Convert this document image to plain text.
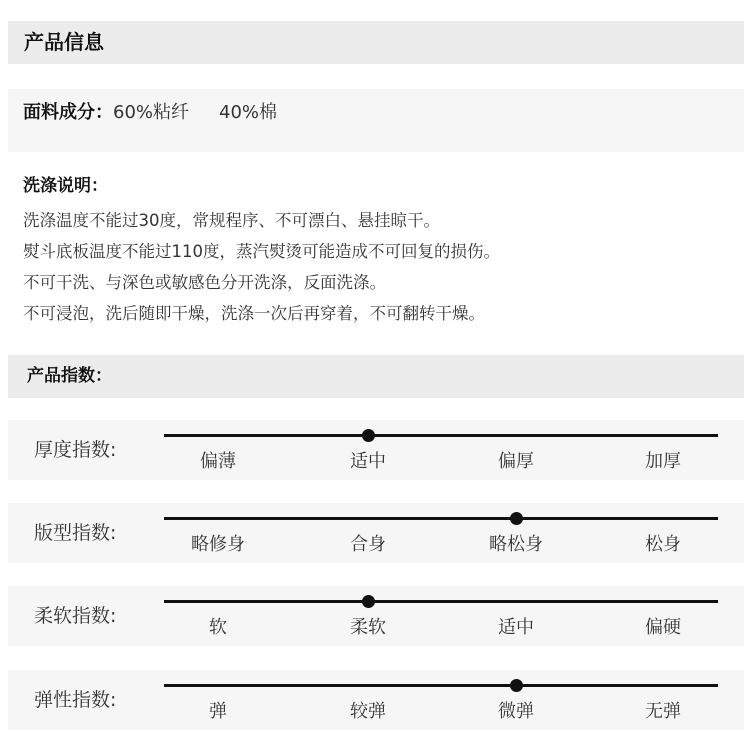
产品信息
面料成分：60%粘纤 40%棉
洗涤说明：
洗涤温度不能过30度，常规程序、不可漂白、悬挂晾干。
熨斗底板温度不能过110度，蒸汽熨烫可能造成不可回复的损伤。
不可干洗、与深色或敏感色分开洗涤，反面洗涤。
不可浸泡，洗后随即干燥，洗涤一次后再穿着，不可翻转干燥。
产品指数：
厚度指数:
偏薄	适中	偏厚	加厚
版型指数:
略修身	合身	略松身	松身
柔软指数:
软	柔软	适中	偏硬
弹性指数:
弹	较弹	微弹	无弹
